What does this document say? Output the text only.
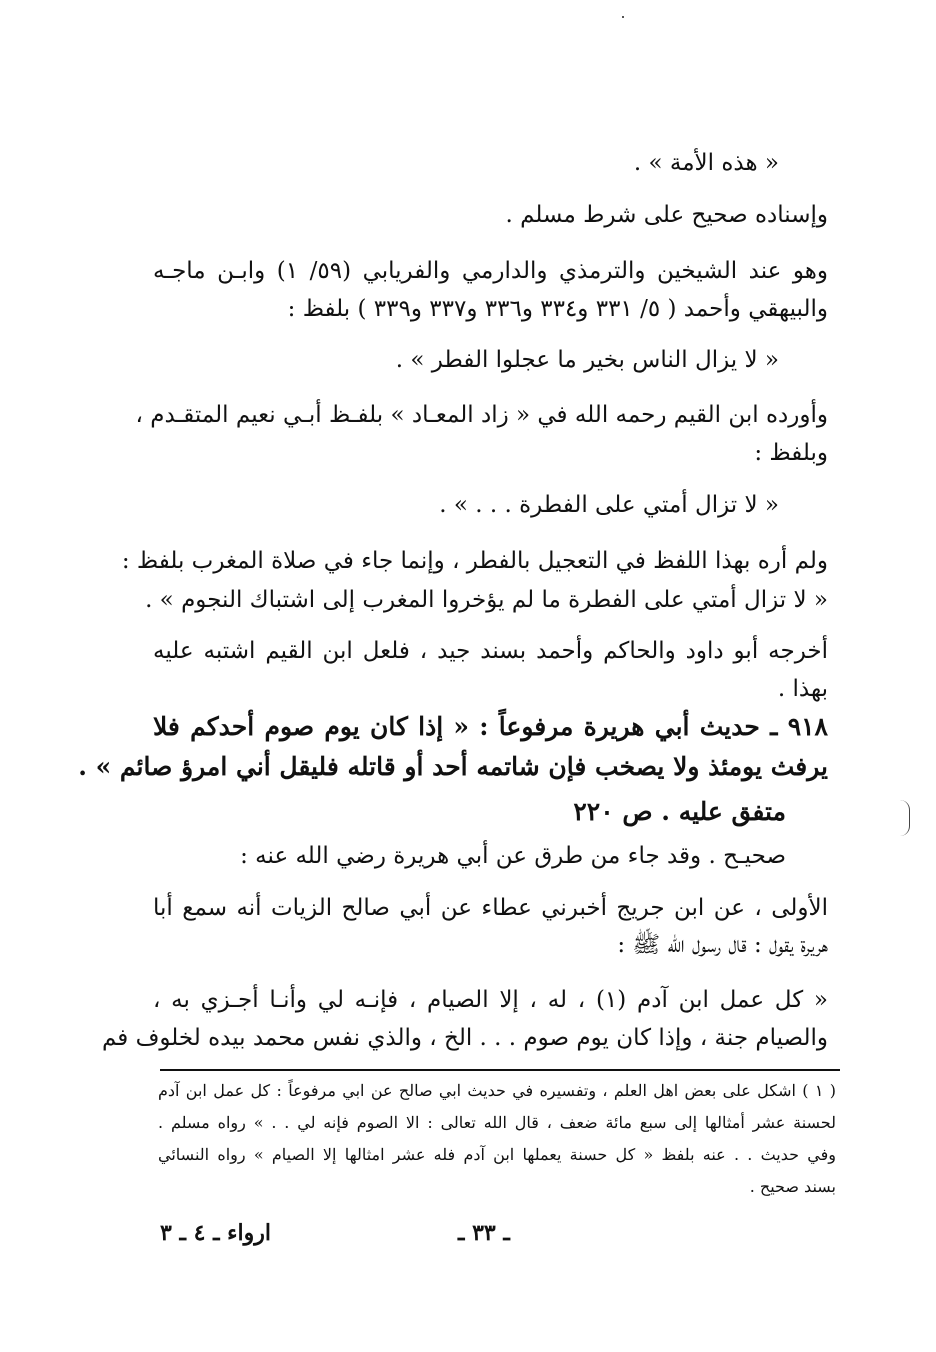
« هذه الأمة » .
وإسناده صحيح على شرط مسلم .
وهو عند الشيخين والترمذي والدارمي والفريابي (٥٩/ ١) وابـن ماجـه
والبيهقي وأحمد ( ٥/ ٣٣١ و٣٣٤ و٣٣٦ و٣٣٧ و٣٣٩ ) بلفظ :
« لا يزال الناس بخير ما عجلوا الفطر » .
وأورده ابن القيم رحمه الله في « زاد المعـاد » بلفـظ أبـي نعيم المتقـدم ،
وبلفظ :
« لا تزال أمتي على الفطرة . . . » .
ولم أره بهذا اللفظ في التعجيل بالفطر ، وإنما جاء في صلاة المغرب بلفظ :
« لا تزال أمتي على الفطرة ما لم يؤخروا المغرب إلى اشتباك النجوم » .
أخرجه أبو داود والحاكم وأحمد بسند جيد ، فلعل ابن القيم اشتبه عليه
بهذا .
٩١٨ ـ حديث أبي هريرة مرفوعاً : « إذا كان يوم صوم أحدكم فلا
يرفث يومئذ ولا يصخب فإن شاتمه أحد أو قاتله فليقل أني امرؤ صائم » .
متفق عليه . ص ٢٢٠
صحيـح . وقد جاء من طرق عن أبي هريرة رضي الله عنه :
الأولى ، عن ابن جريج أخبرني عطاء عن أبي صالح الزيات أنه سمع أبا
هريرة يقول : قال رسول الله ﷺ :
« كل عمل ابن آدم (١) ، له ، إلا الصيام ، فإنـه لي وأنـا أجـزي به ،
والصيام جنة ، وإذا كان يوم صوم . . . الخ ، والذي نفس محمد بيده لخلوف فم
( ١ ) اشكل على بعض اهل العلم ، وتفسيره في حديث ابي صالح عن ابي مرفوعاً : كل عمل ابن آدم
لحسنة عشر أمثالها إلى سبع مائة ضعف ، قال الله تعالى : الا الصوم فإنه لي . . » رواه مسلم .
وفي حديث . . عنه بلفظ « كل حسنة يعملها ابن آدم فله عشر امثالها إلا الصيام » رواه النسائي
بسند صحيح .
ـ ٣٣ ـ
ارواء ـ ٤ ـ ٣
